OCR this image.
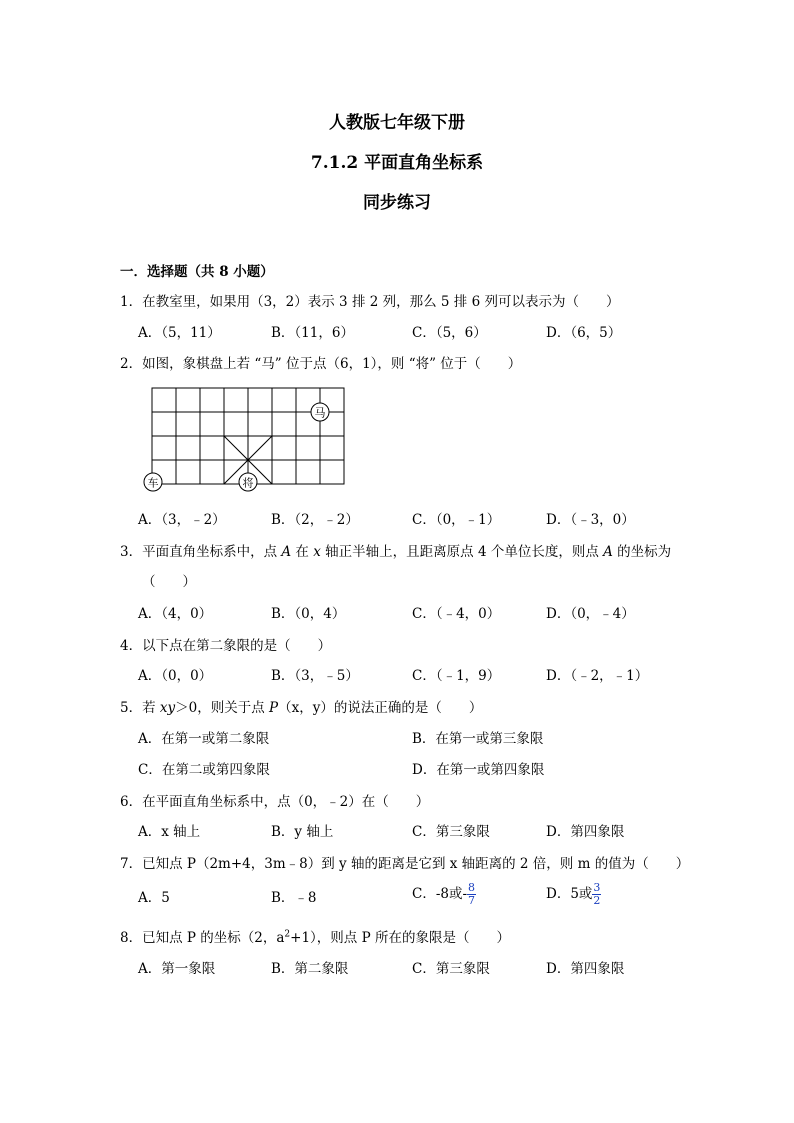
人教版七年级下册
7.1.2 平面直角坐标系
同步练习
一．选择题（共 8 小题）
1．在教室里，如果用（3，2）表示 3 排 2 列，那么 5 排 6 列可以表示为（　　）
A．（5，11）	B．（11，6）	C．（5，6）	D．（6，5）
2．如图，象棋盘上若 “马” 位于点（6，1），则 “将” 位于（　　）
马
车	将
A．（3，﹣2）	B．（2，﹣2）	C．（0，﹣1）	D．（﹣3，0）
3．平面直角坐标系中，点 A 在 x 轴正半轴上，且距离原点 4 个单位长度，则点 A 的坐标为
（　　）
A．（4，0）	B．（0，4）	C．（﹣4，0）	D．（0，﹣4）
4．以下点在第二象限的是（　　）
A．（0，0）	B．（3，﹣5）	C．（﹣1，9）	D．（﹣2，﹣1）
5．若 xy＞0，则关于点 P（x，y）的说法正确的是（　　）
A．在第一或第二象限	B．在第一或第三象限
C．在第二或第四象限	D．在第一或第四象限
6．在平面直角坐标系中，点（0，﹣2）在（　　）
A．x 轴上	B．y 轴上	C．第三象限	D．第四象限
7．已知点 P（2m+4，3m﹣8）到 y 轴的距离是它到 x 轴距离的 2 倍，则 m 的值为（　　）
A．5	B．﹣8	C．-8或- $\frac{8}{7}$	D．5或 $\frac{3}{2}$
8．已知点 P 的坐标（2，$a^2+1$），则点 P 所在的象限是（　　）
A．第一象限	B．第二象限	C．第三象限	D．第四象限
